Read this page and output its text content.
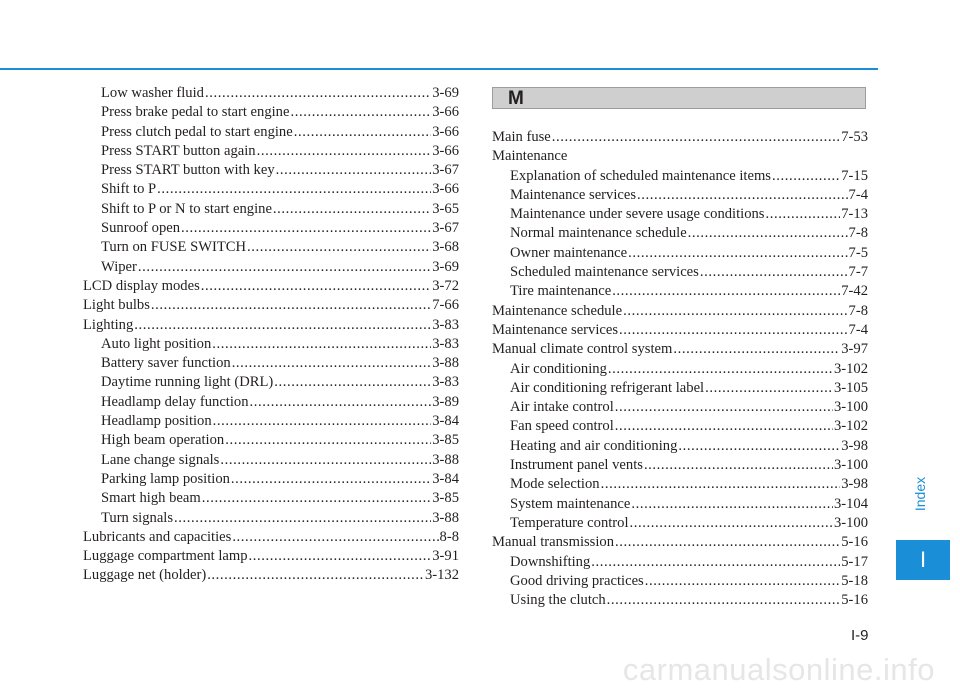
Low washer fluid .....	3-69
Press brake pedal to start engine .....	3-66
Press clutch pedal to start engine .....	3-66
Press START button again .....	3-66
Press START button with key .....	3-67
Shift to P .....	3-66
Shift to P or N to start engine .....	3-65
Sunroof open .....	3-67
Turn on FUSE SWITCH .....	3-68
Wiper .....	3-69
LCD display modes .....	3-72
Light bulbs .....	7-66
Lighting .....	3-83
Auto light position .....	3-83
Battery saver function .....	3-88
Daytime running light (DRL) .....	3-83
Headlamp delay function .....	3-89
Headlamp position .....	3-84
High beam operation .....	3-85
Lane change signals .....	3-88
Parking lamp position .....	3-84
Smart high beam .....	3-85
Turn signals .....	3-88
Lubricants and capacities .....	8-8
Luggage compartment lamp .....	3-91
Luggage net (holder) .....	3-132
M
Main fuse .....	7-53
Maintenance
Explanation of scheduled maintenance items .....	7-15
Maintenance services .....	7-4
Maintenance under severe usage conditions .....	7-13
Normal maintenance schedule .....	7-8
Owner maintenance .....	7-5
Scheduled maintenance services .....	7-7
Tire maintenance .....	7-42
Maintenance schedule .....	7-8
Maintenance services .....	7-4
Manual climate control system .....	3-97
Air conditioning .....	3-102
Air conditioning refrigerant label .....	3-105
Air intake control .....	3-100
Fan speed control .....	3-102
Heating and air conditioning .....	3-98
Instrument panel vents .....	3-100
Mode selection .....	3-98
System maintenance .....	3-104
Temperature control .....	3-100
Manual transmission .....	5-16
Downshifting .....	5-17
Good driving practices .....	5-18
Using the clutch .....	5-16
Index
I
I-9
carmanualsonline.info
